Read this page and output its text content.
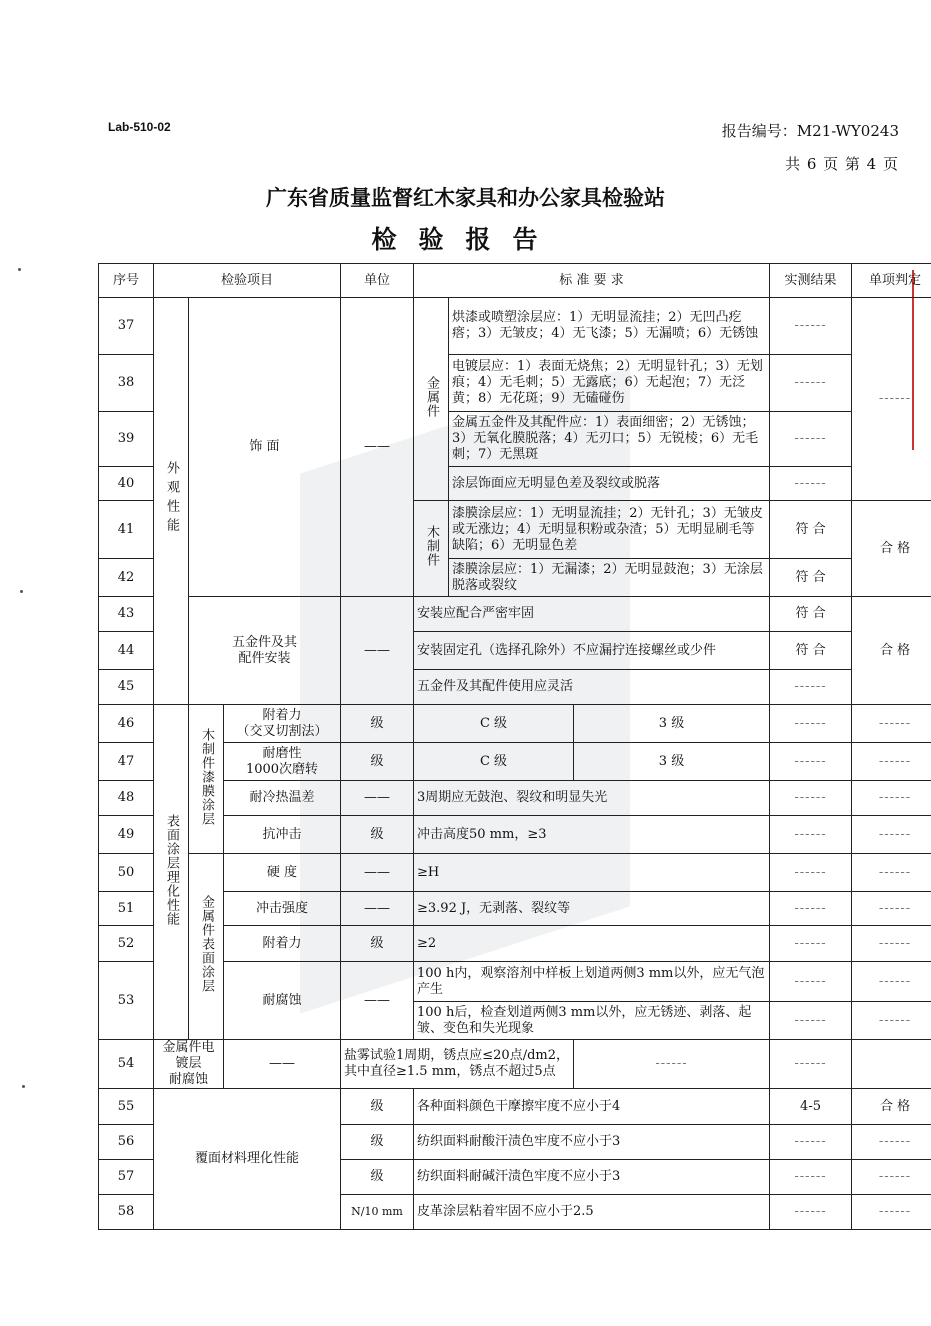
Lab-510-02	报告编号：M21-WY0243
共 6 页 第 4 页
广东省质量监督红木家具和办公家具检验站
检验报告
序号	检验项目			单位	标 准 要 求			实测结果	单项判定
37	外观性能	饰 面		——	金属件	烘漆或喷塑涂层应：1）无明显流挂；2）无凹凸疙瘩；3）无皱皮；4）无飞漆；5）无漏喷；6）无锈蚀		------	------
38						电镀层应：1）表面无烧焦；2）无明显针孔；3）无划痕；4）无毛刺；5）无露底；6）无起泡；7）无泛黄；8）无花斑；9）无磕碰伤		------	
39						金属五金件及其配件应：1）表面细密；2）无锈蚀；3）无氧化膜脱落；4）无刃口；5）无锐棱；6）无毛刺；7）无黑斑		------	
40						涂层饰面应无明显色差及裂纹或脱落		------	
41					木制件	漆膜涂层应：1）无明显流挂；2）无针孔；3）无皱皮或无涨边；4）无明显积粉或杂渣；5）无明显刷毛等缺陷；6）无明显色差		符 合	合 格
42						漆膜涂层应：1）无漏漆；2）无明显鼓泡；3）无涂层脱落或裂纹		符 合	
43		五金件及其
配件安装		——	安装应配合严密牢固			符 合	合 格
44					安装固定孔（选择孔除外）不应漏拧连接螺丝或少件			符 合	
45					五金件及其配件使用应灵活			------	
46	表面涂层理化性能	木制件漆膜涂层	附着力
（交叉切割法）	级	C 级		3 级	------	------
47			耐磨性
1000次磨转	级	C 级		3 级	------	------
48			耐冷热温差	——	3周期应无鼓泡、裂纹和明显失光			------	------
49			抗冲击	级	冲击高度50 mm，≥3			------	------
50		金属件表面涂层	硬 度	——	≥H			------	------
51			冲击强度	——	≥3.92 J，无剥落、裂纹等			------	------
52			附着力	级	≥2			------	------
53			耐腐蚀	——	100 h内，观察溶剂中样板上划道两侧3 mm以外，应无气泡产生			------	------
					100 h后，检查划道两侧3 mm以外，应无锈迹、剥落、起皱、变色和失光现象			------	------
54	金属件电镀层
耐腐蚀		——	盐雾试验1周期，锈点应≤20点/dm2，其中直径≥1.5 mm，锈点不超过5点			------	------	
55	覆面材料理化性能			级	各种面料颜色干摩擦牢度不应小于4			4-5	合 格
56				级	纺织面料耐酸汗渍色牢度不应小于3			------	------
57				级	纺织面料耐碱汗渍色牢度不应小于3			------	------
58				N/10 mm	皮革涂层粘着牢固不应小于2.5			------	------
